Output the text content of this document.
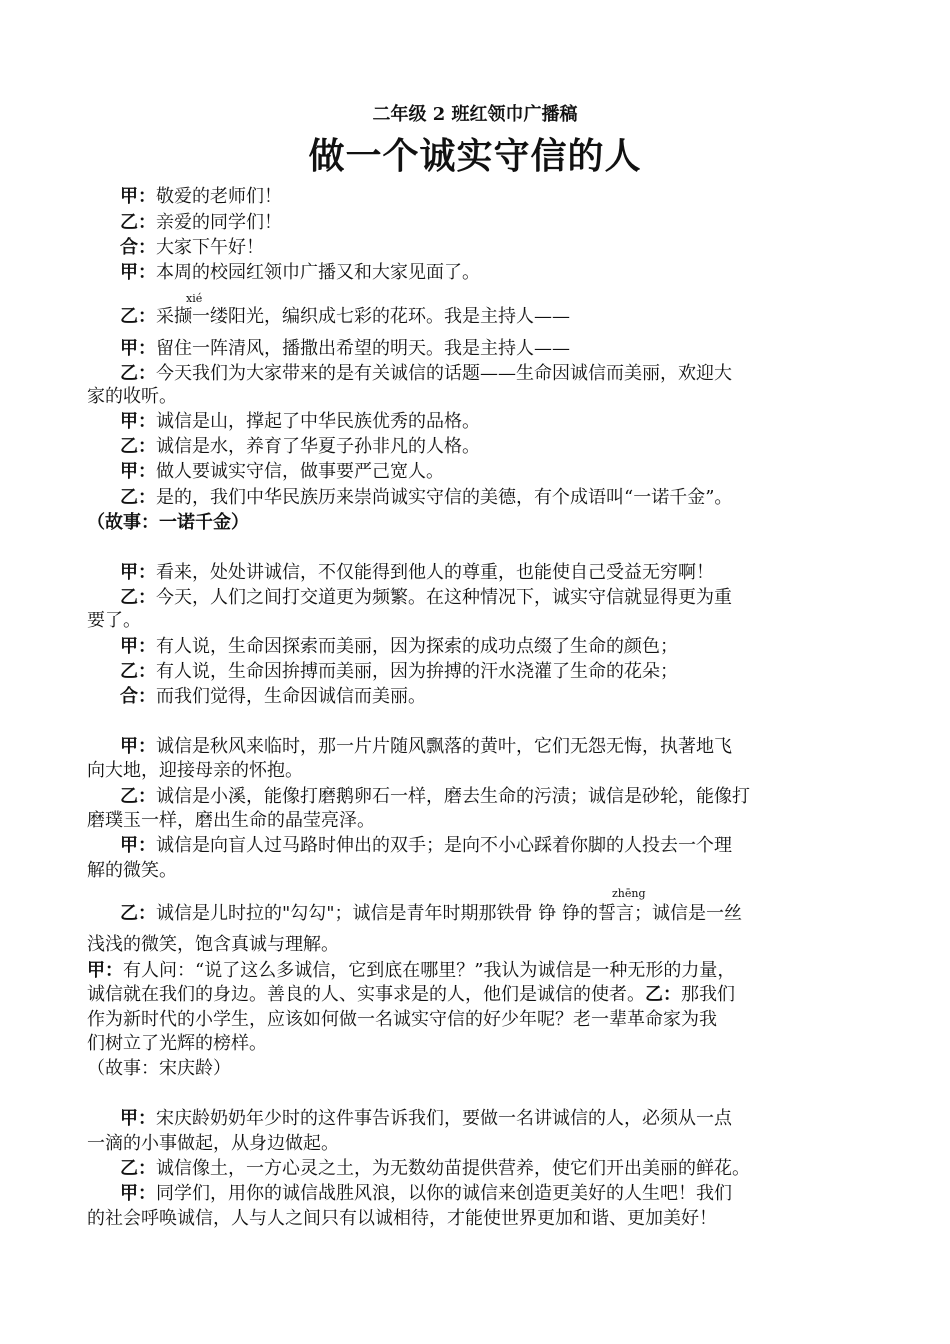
二年级 2 班红领巾广播稿
做一个诚实守信的人
甲：敬爱的老师们！
乙：亲爱的同学们！
合：大家下午好！
甲：本周的校园红领巾广播又和大家见面了。
xié
乙：采撷一缕阳光，编织成七彩的花环。我是主持人——
甲：留住一阵清风，播撒出希望的明天。我是主持人——
乙：今天我们为大家带来的是有关诚信的话题——生命因诚信而美丽，欢迎大
家的收听。
甲：诚信是山，撑起了中华民族优秀的品格。
乙：诚信是水，养育了华夏子孙非凡的人格。
甲：做人要诚实守信，做事要严己宽人。
乙：是的，我们中华民族历来崇尚诚实守信的美德，有个成语叫“一诺千金”。
（故事：一诺千金）
甲：看来，处处讲诚信，不仅能得到他人的尊重，也能使自己受益无穷啊！
乙：今天，人们之间打交道更为频繁。在这种情况下，诚实守信就显得更为重
要了。
甲：有人说，生命因探索而美丽，因为探索的成功点缀了生命的颜色；
乙：有人说，生命因拚搏而美丽，因为拚搏的汗水浇灌了生命的花朵；
合：而我们觉得，生命因诚信而美丽。
甲：诚信是秋风来临时，那一片片随风飘落的黄叶，它们无怨无悔，执著地飞
向大地，迎接母亲的怀抱。
乙：诚信是小溪，能像打磨鹅卵石一样，磨去生命的污渍；诚信是砂轮，能像打
磨璞玉一样，磨出生命的晶莹亮泽。
甲：诚信是向盲人过马路时伸出的双手；是向不小心踩着你脚的人投去一个理
解的微笑。
zhēng
乙：诚信是儿时拉的"勾勾"；诚信是青年时期那铁骨 铮 铮的誓言；诚信是一丝
浅浅的微笑，饱含真诚与理解。
甲：有人问：“说了这么多诚信，它到底在哪里？”我认为诚信是一种无形的力量，
诚信就在我们的身边。善良的人、实事求是的人，他们是诚信的使者。乙：那我们
作为新时代的小学生，应该如何做一名诚实守信的好少年呢？老一辈革命家为我
们树立了光辉的榜样。
（故事：宋庆龄）
甲：宋庆龄奶奶年少时的这件事告诉我们，要做一名讲诚信的人，必须从一点
一滴的小事做起，从身边做起。
乙：诚信像土，一方心灵之土，为无数幼苗提供营养，使它们开出美丽的鲜花。
甲：同学们，用你的诚信战胜风浪，以你的诚信来创造更美好的人生吧！我们
的社会呼唤诚信，人与人之间只有以诚相待，才能使世界更加和谐、更加美好！
